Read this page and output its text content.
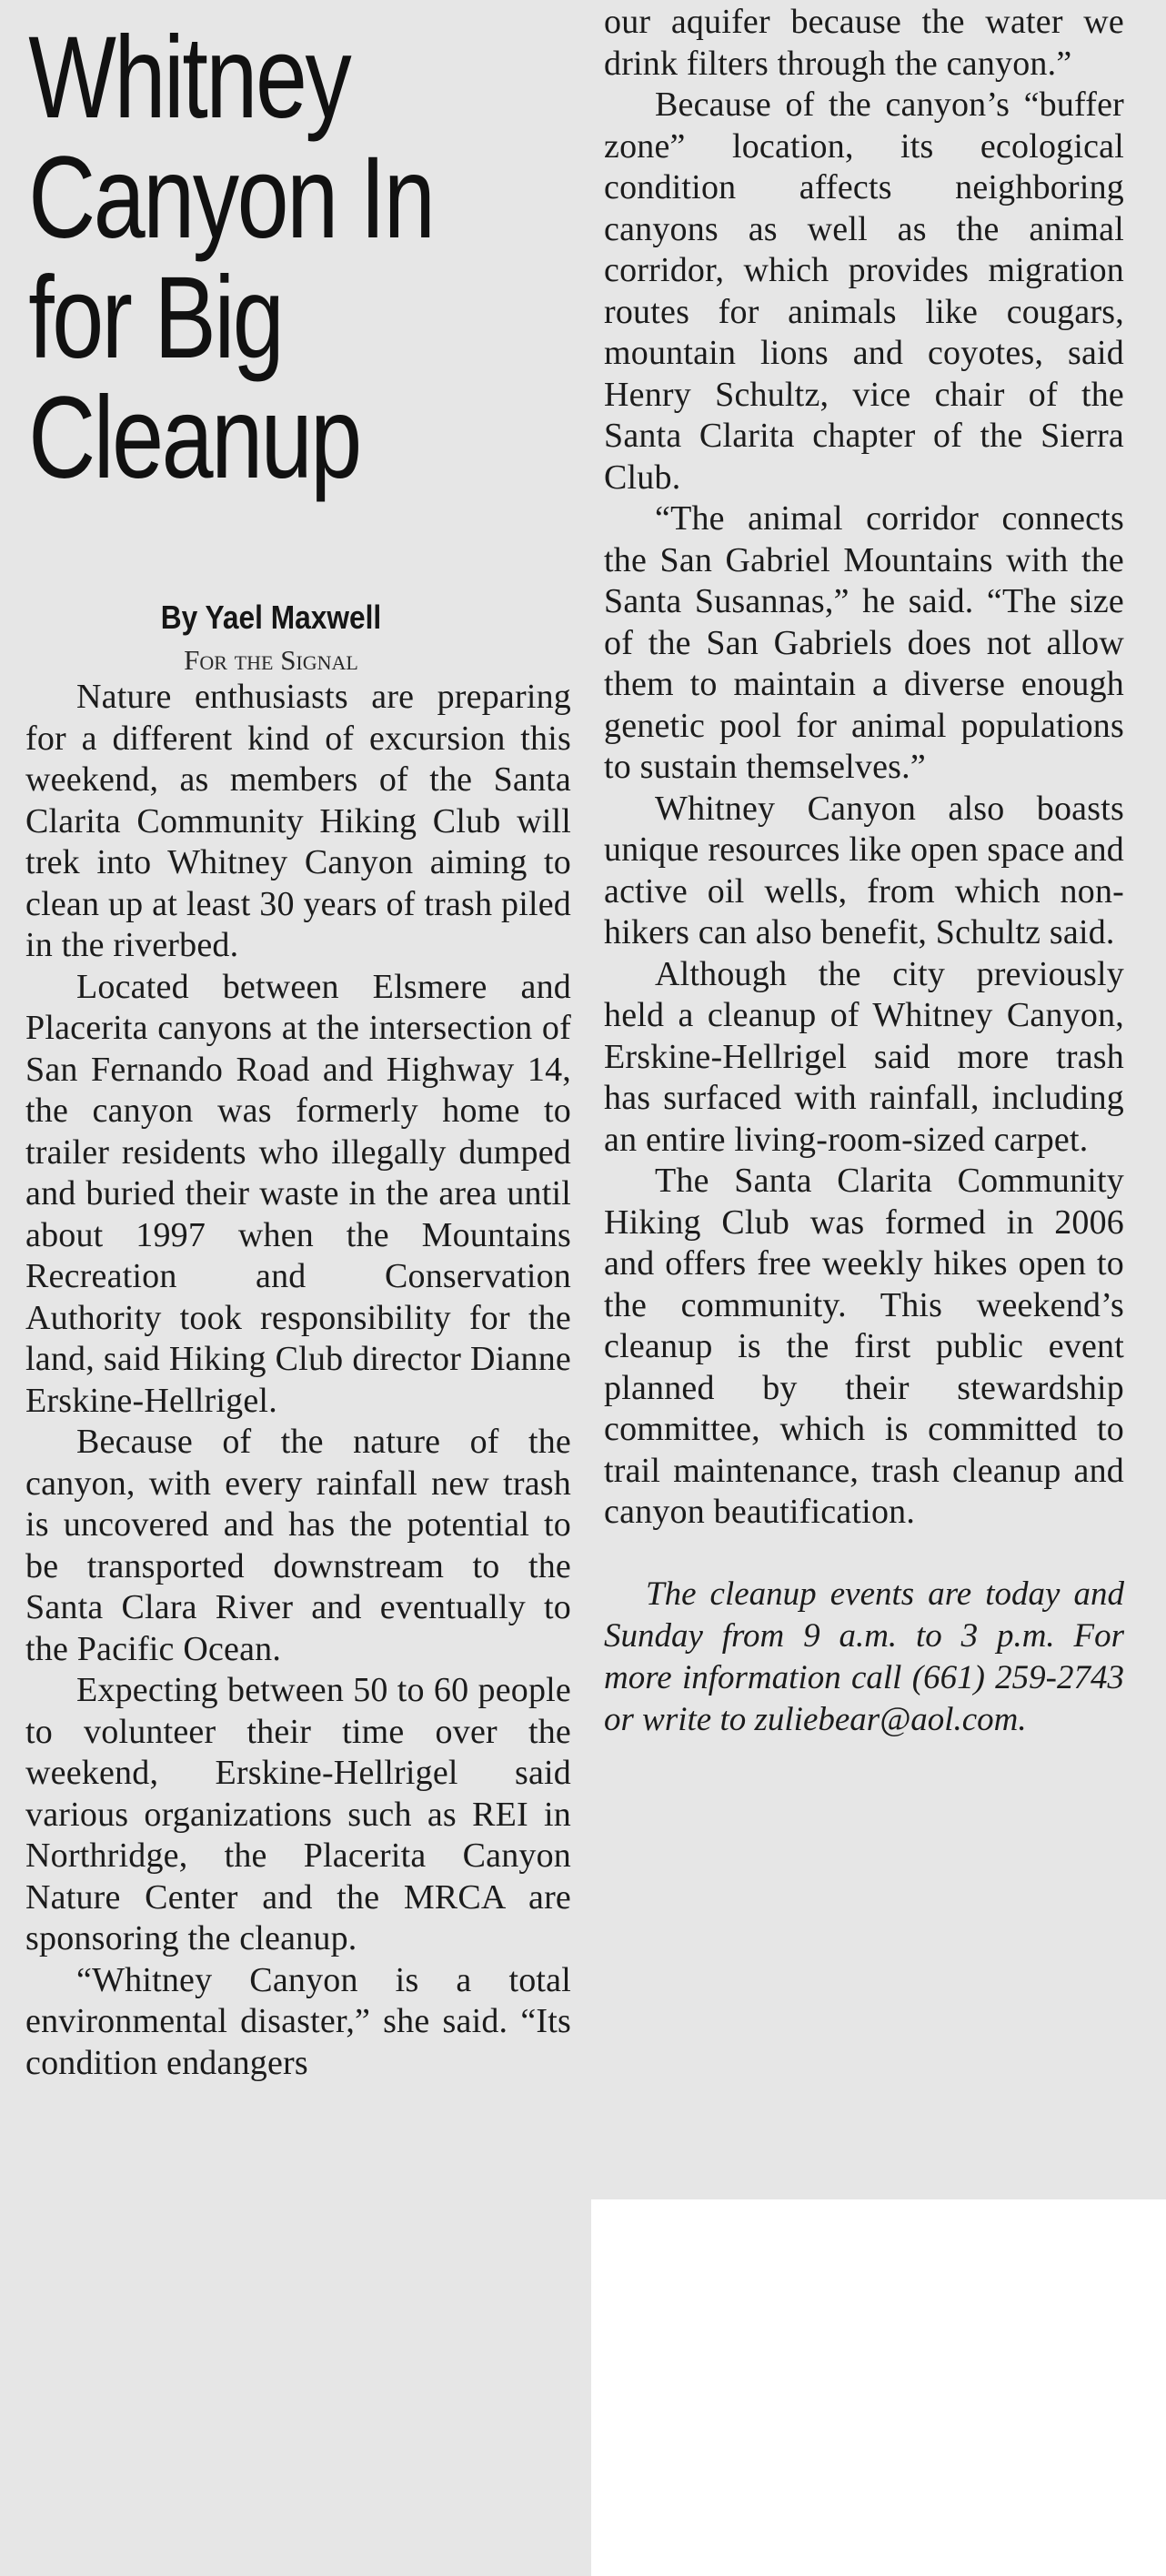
Whitney Canyon In for Big Cleanup
By Yael Maxwell
For the Signal

Nature enthusiasts are preparing for a different kind of excursion this weekend, as members of the Santa Clarita Community Hiking Club will trek into Whitney Canyon aiming to clean up at least 30 years of trash piled in the riverbed.

Located between Elsmere and Placerita canyons at the intersection of San Fernando Road and Highway 14, the canyon was formerly home to trailer residents who illegally dumped and buried their waste in the area until about 1997 when the Mountains Recreation and Conservation Authority took responsibility for the land, said Hiking Club director Dianne Erskine-Hellrigel.

Because of the nature of the canyon, with every rainfall new trash is uncovered and has the potential to be transported downstream to the Santa Clara River and eventually to the Pacific Ocean.

Expecting between 50 to 60 people to volunteer their time over the weekend, Erskine-Hellrigel said various organizations such as REI in Northridge, the Placerita Canyon Nature Center and the MRCA are sponsoring the cleanup.

“Whitney Canyon is a total environmental disaster,” she said. “Its condition endangers

our aquifer because the water we drink filters through the canyon.”

Because of the canyon’s “buffer zone” location, its ecological condition affects neighboring canyons as well as the animal corridor, which provides migration routes for animals like cougars, mountain lions and coyotes, said Henry Schultz, vice chair of the Santa Clarita chapter of the Sierra Club.

“The animal corridor connects the San Gabriel Mountains with the Santa Susannas,” he said. “The size of the San Gabriels does not allow them to maintain a diverse enough genetic pool for animal populations to sustain themselves.”

Whitney Canyon also boasts unique resources like open space and active oil wells, from which non-hikers can also benefit, Schultz said.

Although the city previously held a cleanup of Whitney Canyon, Erskine-Hellrigel said more trash has surfaced with rainfall, including an entire living-room-sized carpet.

The Santa Clarita Community Hiking Club was formed in 2006 and offers free weekly hikes open to the community. This weekend’s cleanup is the first public event planned by their stewardship committee, which is committed to trail maintenance, trash cleanup and canyon beautification.

The cleanup events are today and Sunday from 9 a.m. to 3 p.m. For more information call (661) 259-2743 or write to zuliebear@aol.com.
